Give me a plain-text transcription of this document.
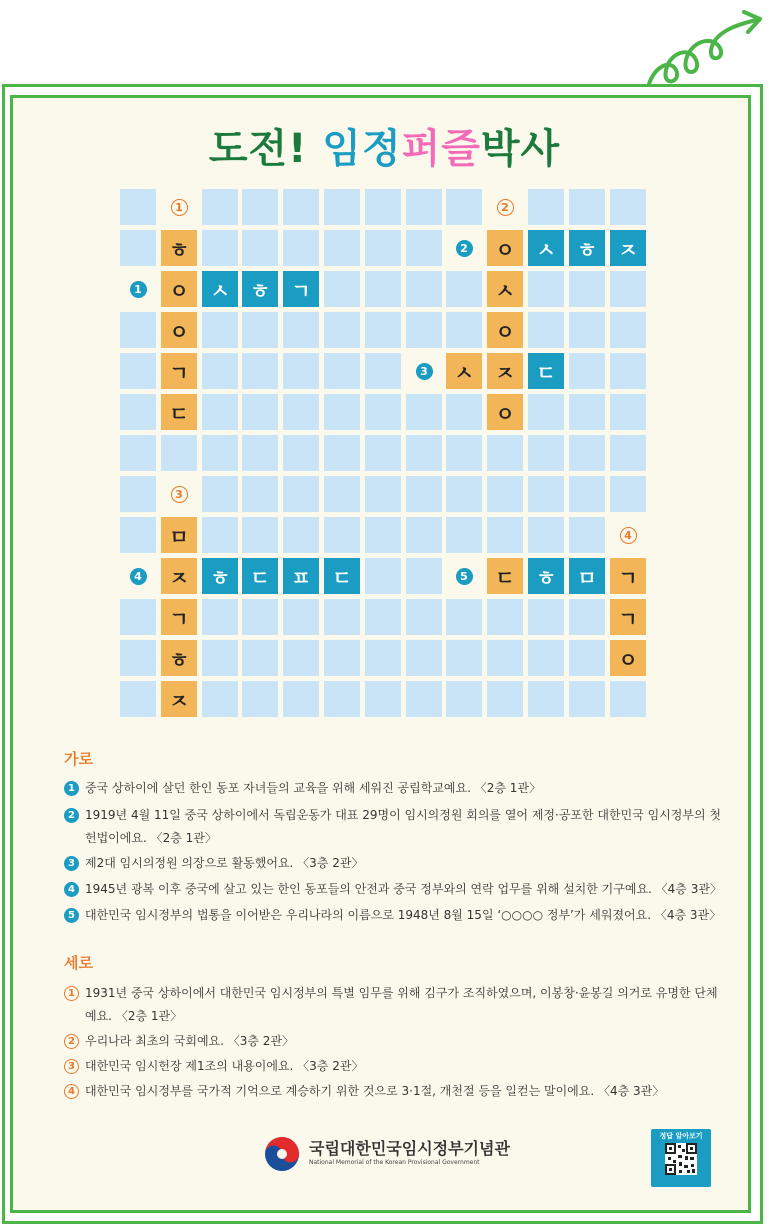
도전! 임정퍼즐박사
1	2
ㅎ	2	ㅇ	ㅅ	ㅎ	ㅈ
1	ㅇ	ㅅ	ㅎ	ㄱ	ㅅ
ㅇ	ㅇ
ㄱ	3	ㅅ	ㅈ	ㄷ
ㄷ	ㅇ
3
ㅁ	4
4	ㅈ	ㅎ	ㄷ	ㅍ	ㄷ	5	ㄷ	ㅎ	ㅁ	ㄱ
ㄱ	ㄱ
ㅎ	ㅇ
ㅈ
가로
1 중국 상하이에 살던 한인 동포 자녀들의 교육을 위해 세워진 공립학교예요. 〈2층 1관〉
2 1919년 4월 11일 중국 상하이에서 독립운동가 대표 29명이 임시의정원 회의를 열어 제정·공포한 대한민국 임시정부의 첫 헌법이에요. 〈2층 1관〉
3 제2대 임시의정원 의장으로 활동했어요. 〈3층 2관〉
4 1945년 광복 이후 중국에 살고 있는 한인 동포들의 안전과 중국 정부와의 연락 업무를 위해 설치한 기구예요. 〈4층 3관〉
5 대한민국 임시정부의 법통을 이어받은 우리나라의 이름으로 1948년 8월 15일 ‘○○○○ 정부’가 세워졌어요. 〈4층 3관〉
세로
1 1931년 중국 상하이에서 대한민국 임시정부의 특별 임무를 위해 김구가 조직하였으며, 이봉창·윤봉길 의거로 유명한 단체예요. 〈2층 1관〉
2 우리나라 최초의 국회예요. 〈3층 2관〉
3 대한민국 임시헌장 제1조의 내용이에요. 〈3층 2관〉
4 대한민국 임시정부를 국가적 기억으로 계승하기 위한 것으로 3·1절, 개천절 등을 일컫는 말이에요. 〈4층 3관〉
국립대한민국임시정부기념관
National Memorial of the Korean Provisional Government
정답 알아보기
